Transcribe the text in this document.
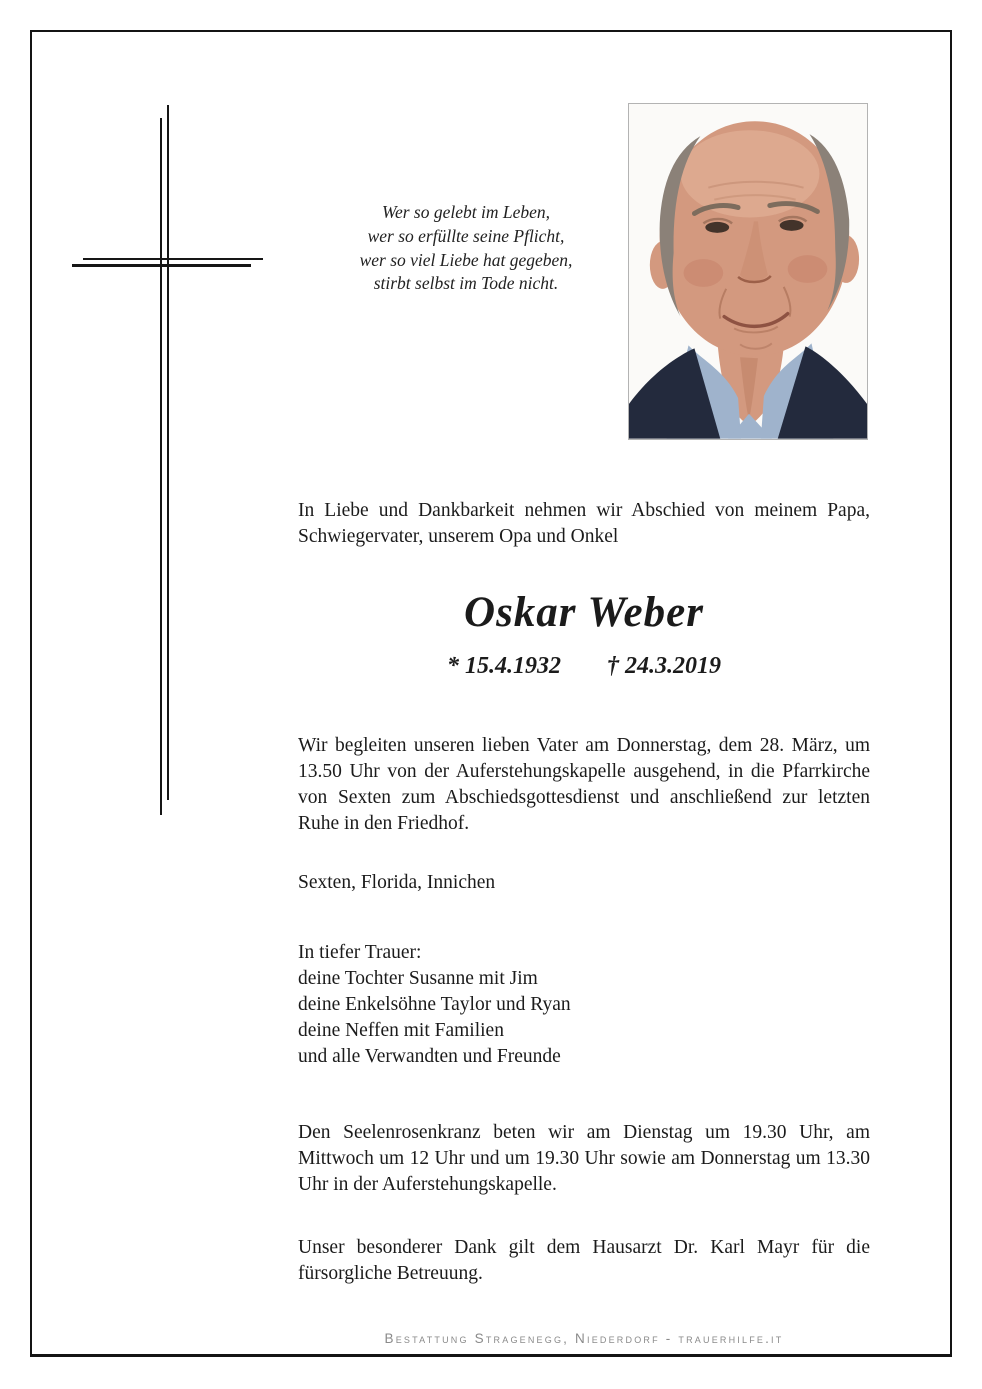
Wer so gelebt im Leben,
wer so erfüllte seine Pflicht,
wer so viel Liebe hat gegeben,
stirbt selbst im Tode nicht.

In Liebe und Dankbarkeit nehmen wir Abschied von meinem Papa, Schwiegervater, unserem Opa und Onkel

Oskar Weber
* 15.4.1932 † 24.3.2019

Wir begleiten unseren lieben Vater am Donnerstag, dem 28. März, um 13.50 Uhr von der Auferstehungskapelle ausgehend, in die Pfarrkirche von Sexten zum Abschiedsgottesdienst und anschließend zur letzten Ruhe in den Friedhof.

Sexten, Florida, Innichen

In tiefer Trauer:
deine Tochter Susanne mit Jim
deine Enkelsöhne Taylor und Ryan
deine Neffen mit Familien
und alle Verwandten und Freunde

Den Seelenrosenkranz beten wir am Dienstag um 19.30 Uhr, am Mittwoch um 12 Uhr und um 19.30 Uhr sowie am Donnerstag um 13.30 Uhr in der Auferstehungskapelle.

Unser besonderer Dank gilt dem Hausarzt Dr. Karl Mayr für die fürsorgliche Betreuung.

Bestattung Stragenegg, Niederdorf - trauerhilfe.it
